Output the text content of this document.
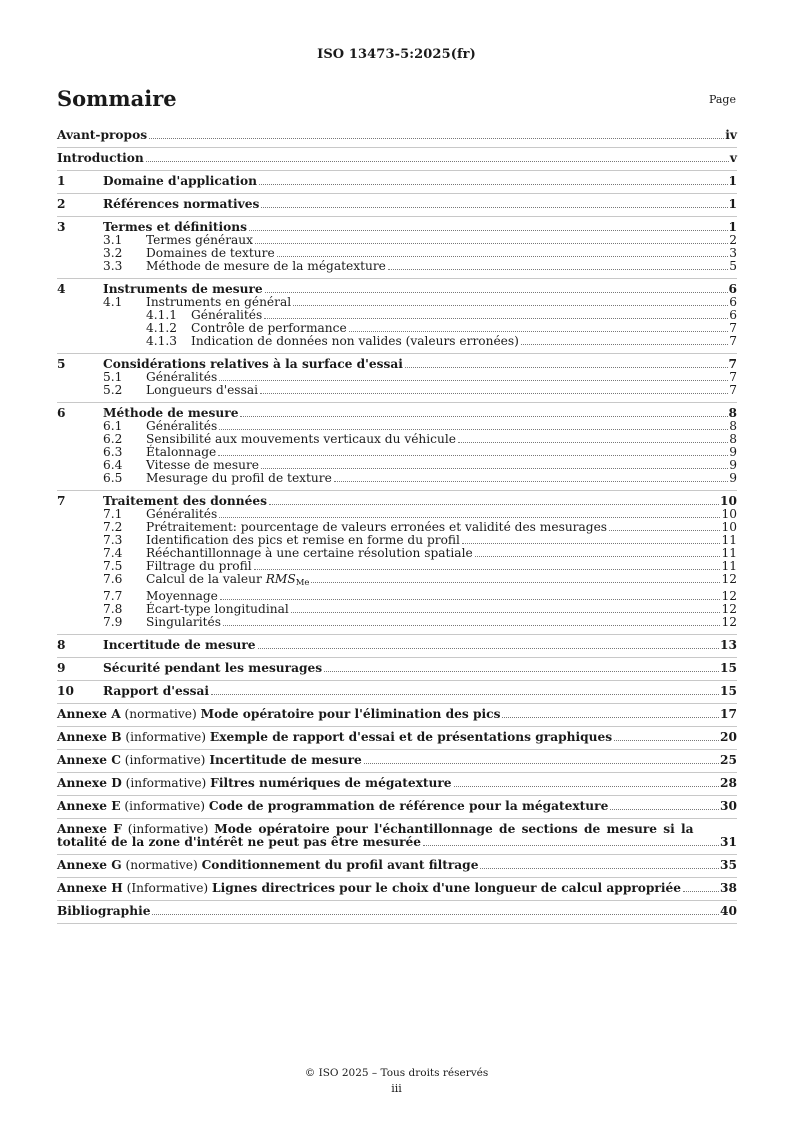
ISO 13473-5:2025(fr)
Sommaire	Page
Avant-propos	iv
Introduction	v
1	Domaine d'application	1
2	Références normatives	1
3	Termes et définitions	1
3.1	Termes généraux	2
3.2	Domaines de texture	3
3.3	Méthode de mesure de la mégatexture	5
4	Instruments de mesure	6
4.1	Instruments en général	6
4.1.1	Généralités	6
4.1.2	Contrôle de performance	7
4.1.3	Indication de données non valides (valeurs erronées)	7
5	Considérations relatives à la surface d'essai	7
5.1	Généralités	7
5.2	Longueurs d'essai	7
6	Méthode de mesure	8
6.1	Généralités	8
6.2	Sensibilité aux mouvements verticaux du véhicule	8
6.3	Étalonnage	9
6.4	Vitesse de mesure	9
6.5	Mesurage du profil de texture	9
7	Traitement des données	10
7.1	Généralités	10
7.2	Prétraitement: pourcentage de valeurs erronées et validité des mesurages	10
7.3	Identification des pics et remise en forme du profil	11
7.4	Rééchantillonnage à une certaine résolution spatiale	11
7.5	Filtrage du profil	11
7.6	Calcul de la valeur $RMS_{Me}$	12
7.7	Moyennage	12
7.8	Écart-type longitudinal	12
7.9	Singularités	12
8	Incertitude de mesure	13
9	Sécurité pendant les mesurages	15
10	Rapport d'essai	15
Annexe A (normative) Mode opératoire pour l'élimination des pics	17
Annexe B (informative) Exemple de rapport d'essai et de présentations graphiques	20
Annexe C (informative) Incertitude de mesure	25
Annexe D (informative) Filtres numériques de mégatexture	28
Annexe E (informative) Code de programmation de référence pour la mégatexture	30
Annexe F (informative) Mode opératoire pour l'échantillonnage de sections de mesure si la
totalité de la zone d'intérêt ne peut pas être mesurée	31
Annexe G (normative) Conditionnement du profil avant filtrage	35
Annexe H (Informative) Lignes directrices pour le choix d'une longueur de calcul appropriée	38
Bibliographie	40
© ISO 2025 – Tous droits réservés
iii
